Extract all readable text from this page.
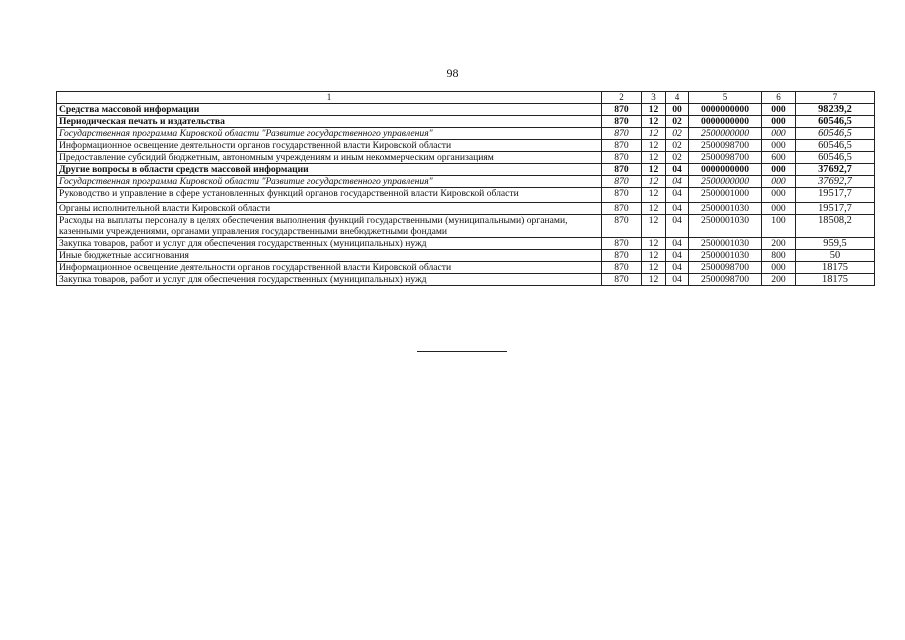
98
1	2	3	4	5	6	7
Средства массовой информации	870	12	00	0000000000	000	98239,2
Периодическая печать и издательства	870	12	02	0000000000	000	60546,5
Государственная программа Кировской области "Развитие государственного управления"	870	12	02	2500000000	000	60546,5
Информационное освещение деятельности органов государственной власти Кировской области	870	12	02	2500098700	000	60546,5
Предоставление субсидий бюджетным, автономным учреждениям и иным некоммерческим организациям	870	12	02	2500098700	600	60546,5
Другие вопросы в области средств массовой информации	870	12	04	0000000000	000	37692,7
Государственная программа Кировской области "Развитие государственного управления"	870	12	04	2500000000	000	37692,7
Руководство и управление в сфере установленных функций органов государственной власти Кировской области	870	12	04	2500001000	000	19517,7
Органы исполнительной власти Кировской области	870	12	04	2500001030	000	19517,7
Расходы на выплаты персоналу в целях обеспечения выполнения функций государственными (муниципальными) органами, казенными учреждениями, органами управления государственными внебюджетными фондами	870	12	04	2500001030	100	18508,2
Закупка товаров, работ и услуг для обеспечения государственных (муниципальных) нужд	870	12	04	2500001030	200	959,5
Иные бюджетные ассигнования	870	12	04	2500001030	800	50
Информационное освещение деятельности органов государственной власти Кировской области	870	12	04	2500098700	000	18175
Закупка товаров, работ и услуг для обеспечения государственных (муниципальных) нужд	870	12	04	2500098700	200	18175
